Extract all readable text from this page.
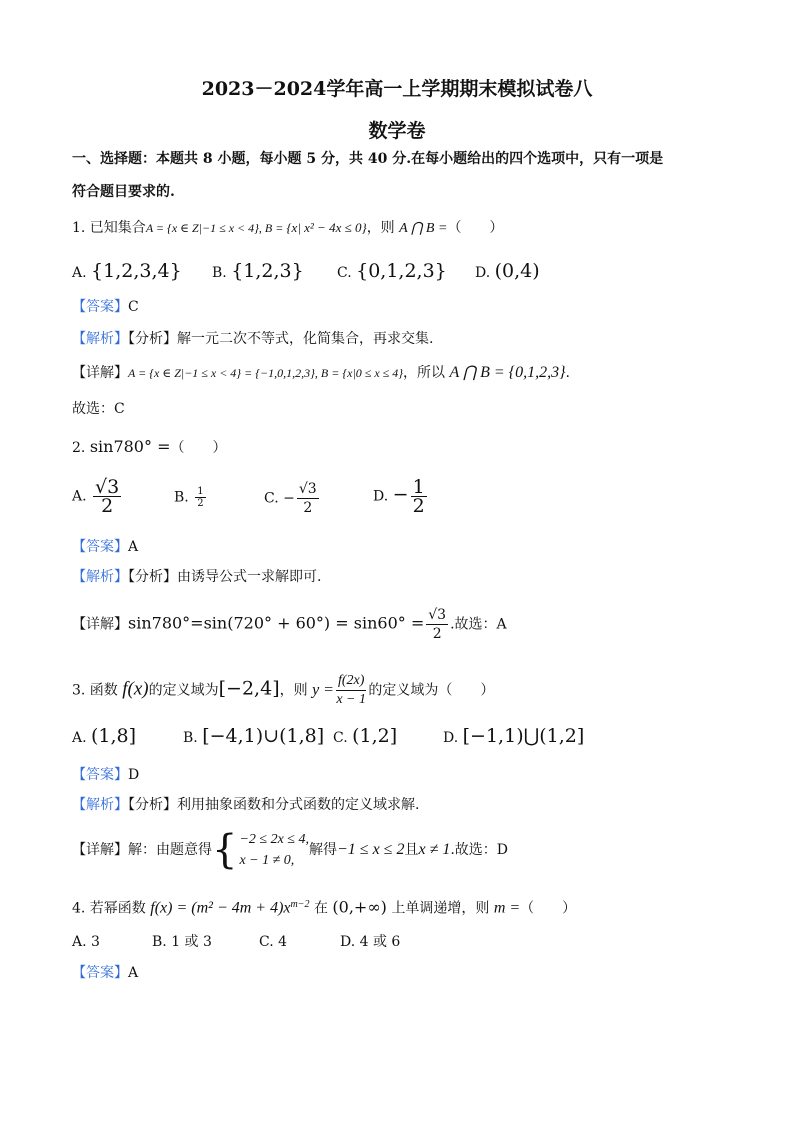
2023－2024学年高一上学期期末模拟试卷八
数学卷
一、选择题：本题共 8 小题，每小题 5 分，共 40 分.在每小题给出的四个选项中，只有一项是
符合题目要求的.
1. 已知集合A = {x ∈ Z|−1 ≤ x < 4}, B = {x| x² − 4x ≤ 0}，则 A ⋂ B =（　　）
A. {1,2,3,4} B. {1,2,3} C. {0,1,2,3} D. (0,4)
【答案】C
【解析】【分析】解一元二次不等式，化简集合，再求交集.
【详解】A = {x ∈ Z|−1 ≤ x < 4} = {−1,0,1,2,3}, B = {x|0 ≤ x ≤ 4}，所以 A ⋂ B = {0,1,2,3}.
故选：C
2. sin780° =（　　）
A. $\frac{√3}{2}$	B. $\frac{1}{2}$	C. − $\frac{√3}{2}$	D. − $\frac{1}{2}$
【答案】A
【解析】【分析】由诱导公式一求解即可.
【详解】$\sin 780^\circ=\sin(720^\circ + 60^\circ) = \sin 60^\circ = \frac{√3}{2}$ .故选：A
3. 函数 f(x)的定义域为[−2,4]，则 $y = \frac{f(2x)}{x - 1}$ 的定义域为（　　）
A. (1,8]	B. [−4,1)∪(1,8] C. (1,2]	D. [−1,1)⋃(1,2]
【答案】D
【解析】【分析】利用抽象函数和分式函数的定义域求解.
【详解】解：由题意得{ −2 ≤ 2x ≤ 4,
x − 1 ≠ 0,
解得−1 ≤ x ≤ 2且x ≠ 1.故选：D
4. 若幂函数 $f(x) = (m^2 - 4m + 4)x^{m-2}$ 在 (0,+∞) 上单调递增，则 m =（　　）
A. 3	B. 1 或 3	C. 4	D. 4 或 6
【答案】A
